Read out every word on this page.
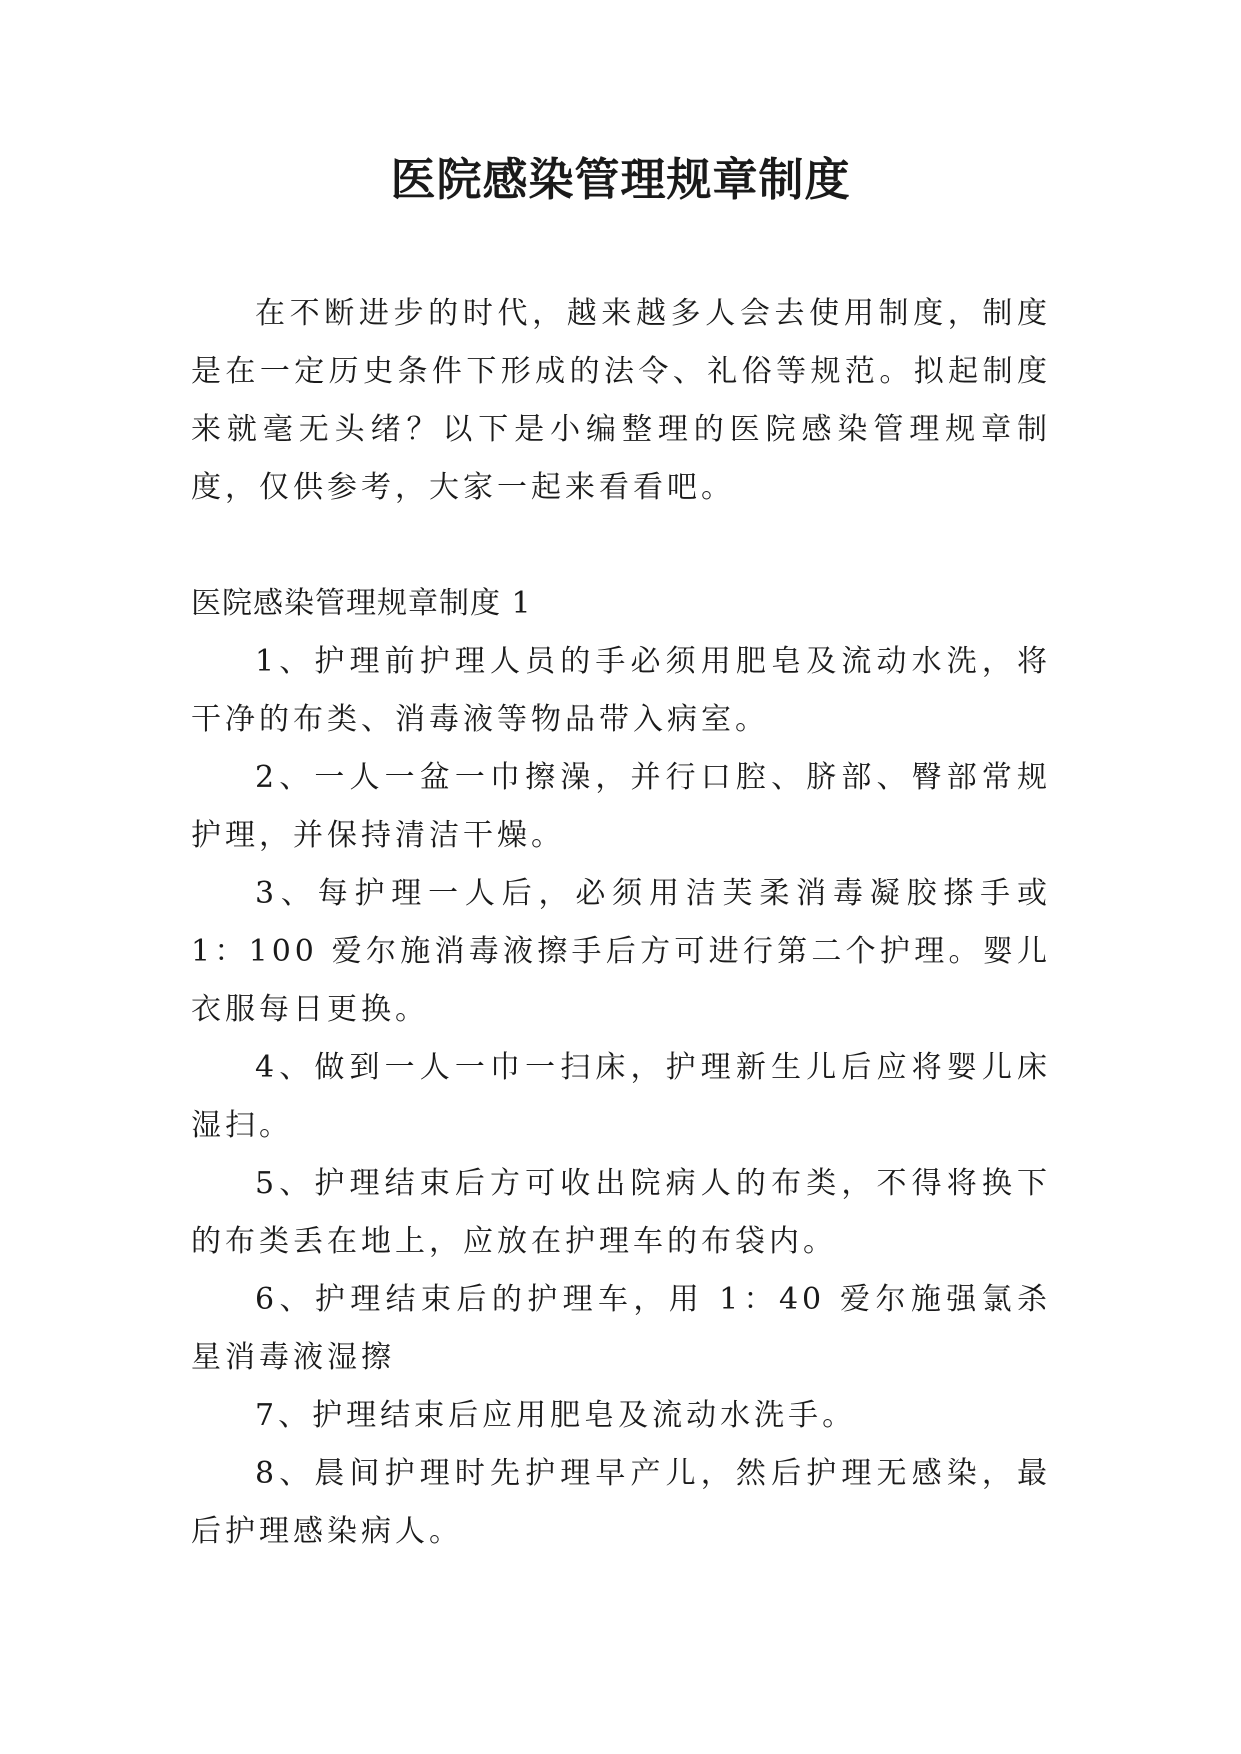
医院感染管理规章制度

在不断进步的时代，越来越多人会去使用制度，制度是在一定历史条件下形成的法令、礼俗等规范。拟起制度来就毫无头绪？以下是小编整理的医院感染管理规章制度，仅供参考，大家一起来看看吧。

医院感染管理规章制度 1

1、护理前护理人员的手必须用肥皂及流动水洗，将干净的布类、消毒液等物品带入病室。

2、一人一盆一巾擦澡，并行口腔、脐部、臀部常规护理，并保持清洁干燥。

3、每护理一人后，必须用洁芙柔消毒凝胶搽手或 1：100 爱尔施消毒液擦手后方可进行第二个护理。婴儿衣服每日更换。

4、做到一人一巾一扫床，护理新生儿后应将婴儿床湿扫。

5、护理结束后方可收出院病人的布类，不得将换下的布类丢在地上，应放在护理车的布袋内。

6、护理结束后的护理车，用 1：40 爱尔施强氯杀星消毒液湿擦

7、护理结束后应用肥皂及流动水洗手。

8、晨间护理时先护理早产儿，然后护理无感染，最后护理感染病人。
